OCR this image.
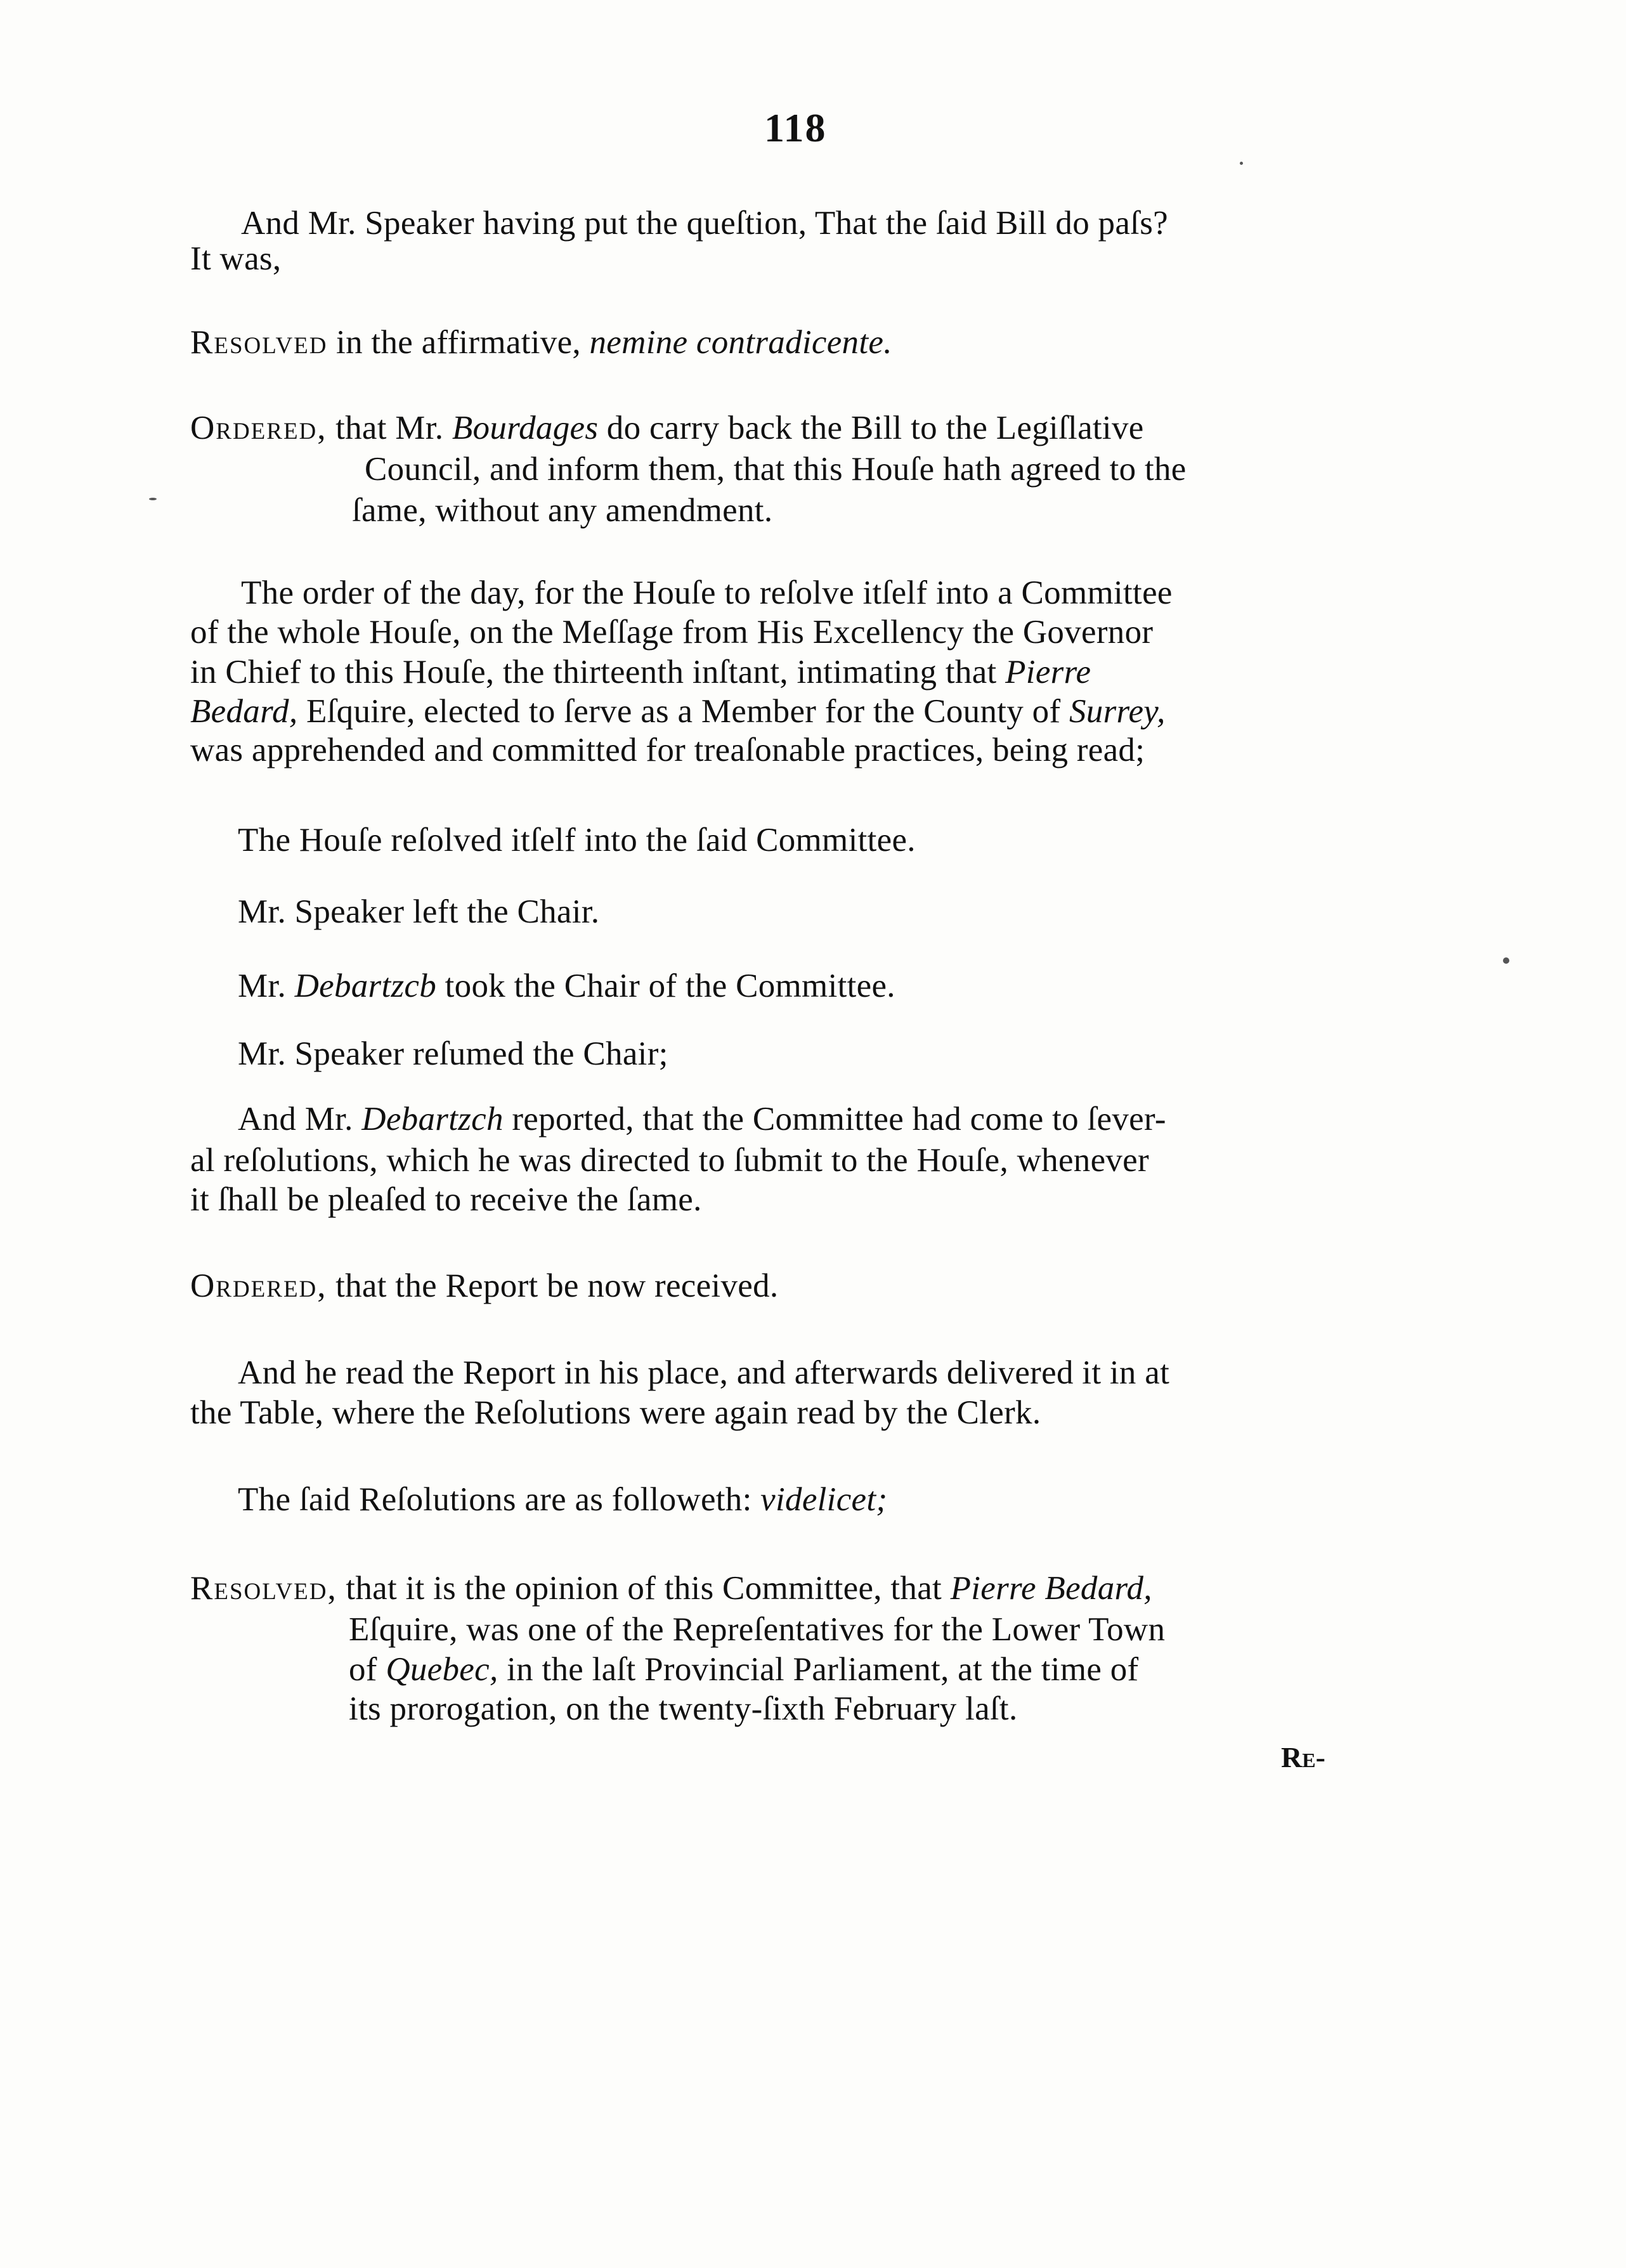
118
And Mr. Speaker having put the queſtion, That the ſaid Bill do paſs?
It was,
Resolved in the affirmative, nemine contradicente.
Ordered, that Mr. Bourdages do carry back the Bill to the Legiſlative
Council, and inform them, that this Houſe hath agreed to the
ſame, without any amendment.
The order of the day, for the Houſe to reſolve itſelf into a Committee
of the whole Houſe, on the Meſſage from His Excellency the Governor
in Chief to this Houſe, the thirteenth inſtant, intimating that Pierre
Bedard, Eſquire, elected to ſerve as a Member for the County of Surrey,
was apprehended and committed for treaſonable practices, being read;
The Houſe reſolved itſelf into the ſaid Committee.
Mr. Speaker left the Chair.
Mr. Debartzcb took the Chair of the Committee.
Mr. Speaker reſumed the Chair;
And Mr. Debartzch reported, that the Committee had come to ſever-
al reſolutions, which he was directed to ſubmit to the Houſe, whenever
it ſhall be pleaſed to receive the ſame.
Ordered, that the Report be now received.
And he read the Report in his place, and afterwards delivered it in at
the Table, where the Reſolutions were again read by the Clerk.
The ſaid Reſolutions are as followeth: videlicet;
Resolved, that it is the opinion of this Committee, that Pierre Bedard,
Eſquire, was one of the Repreſentatives for the Lower Town
of Quebec, in the laſt Provincial Parliament, at the time of
its prorogation, on the twenty-ſixth February laſt.
Re-
